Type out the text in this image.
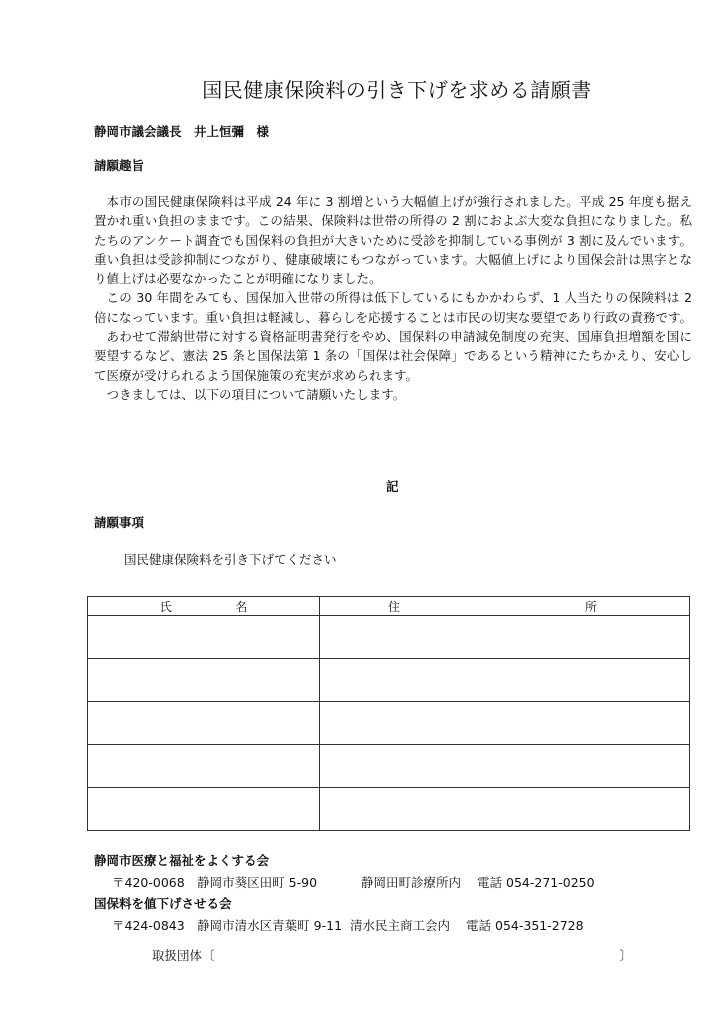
国民健康保険料の引き下げを求める請願書
静岡市議会議長　井上恒彌　様
請願趣旨

本市の国民健康保険料は平成 24 年に 3 割増という大幅値上げが強行されました。平成 25 年度も据え置かれ重い負担のままです。この結果、保険料は世帯の所得の 2 割におよぶ大変な負担になりました。私たちのアンケート調査でも国保料の負担が大きいために受診を抑制している事例が 3 割に及んでいます。重い負担は受診抑制につながり、健康破壊にもつながっています。大幅値上げにより国保会計は黒字となり値上げは必要なかったことが明確になりました。

この 30 年間をみても、国保加入世帯の所得は低下しているにもかかわらず、1 人当たりの保険料は 2 倍になっています。重い負担は軽減し、暮らしを応援することは市民の切実な要望であり行政の責務です。

あわせて滞納世帯に対する資格証明書発行をやめ、国保料の申請減免制度の充実、国庫負担増額を国に要望するなど、憲法 25 条と国保法第 1 条の「国保は社会保障」であるという精神にたちかえり、安心して医療が受けられるよう国保施策の充実が求められます。

つきましては、以下の項目について請願いたします。

記
請願事項
国民健康保険料を引き下げてください
氏 名	住 所

静岡市医療と福祉をよくする会
〒420-0068　静岡市葵区田町 5-90	静岡田町診療所内 電話 054-271-0250
国保料を値下げさせる会
〒424-0843　静岡市清水区青葉町 9-11 清水民主商工会内 電話 054-351-2728
取扱団体〔	〕
